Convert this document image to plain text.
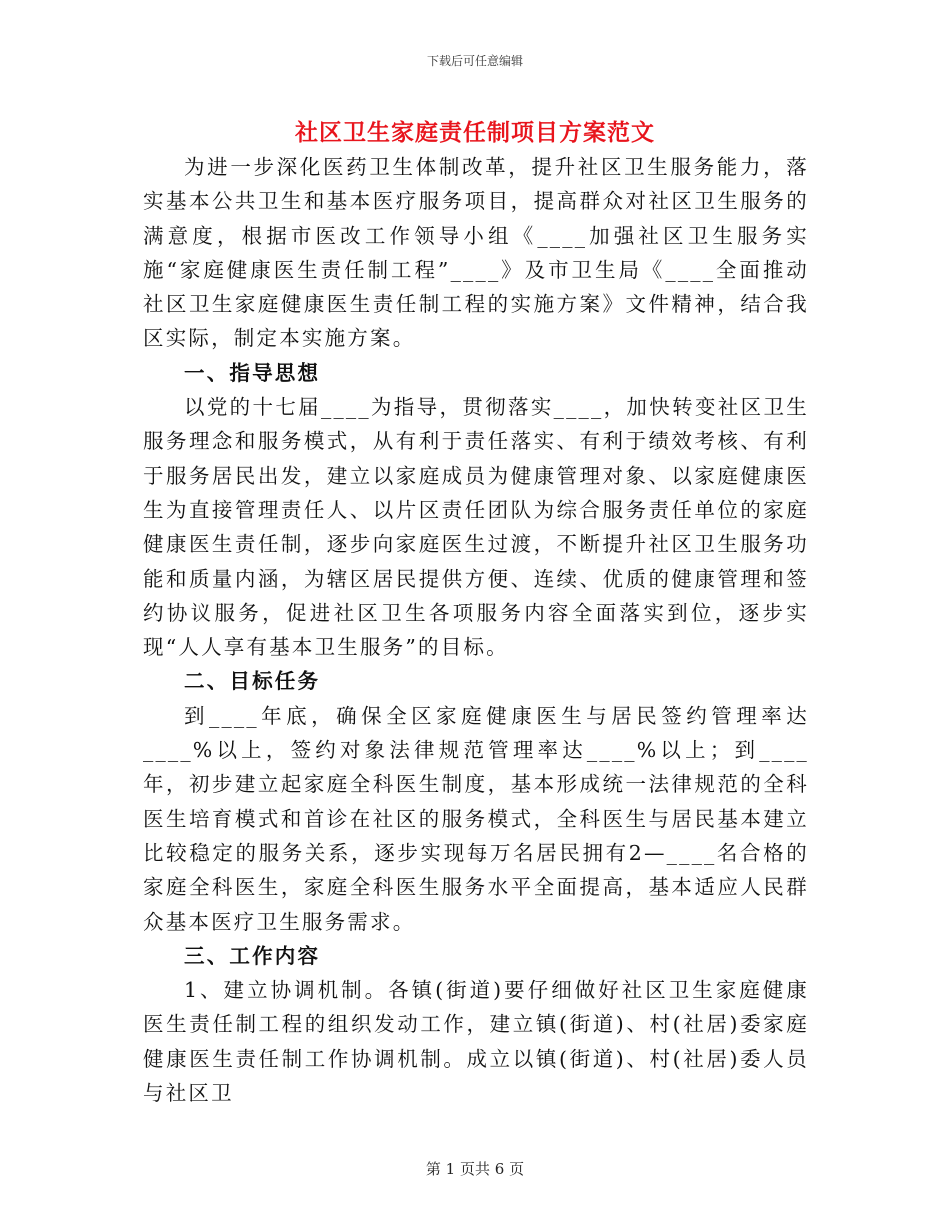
下载后可任意编辑
社区卫生家庭责任制项目方案范文

为进一步深化医药卫生体制改革，提升社区卫生服务能力，落实基本公共卫生和基本医疗服务项目，提高群众对社区卫生服务的满意度，根据市医改工作领导小组《____加强社区卫生服务实施“家庭健康医生责任制工程”____》及市卫生局《____全面推动社区卫生家庭健康医生责任制工程的实施方案》文件精神，结合我区实际，制定本实施方案。

一、指导思想

以党的十七届____为指导，贯彻落实____，加快转变社区卫生服务理念和服务模式，从有利于责任落实、有利于绩效考核、有利于服务居民出发，建立以家庭成员为健康管理对象、以家庭健康医生为直接管理责任人、以片区责任团队为综合服务责任单位的家庭健康医生责任制，逐步向家庭医生过渡，不断提升社区卫生服务功能和质量内涵，为辖区居民提供方便、连续、优质的健康管理和签约协议服务，促进社区卫生各项服务内容全面落实到位，逐步实现“人人享有基本卫生服务”的目标。

二、目标任务

到____年底，确保全区家庭健康医生与居民签约管理率达____%以上，签约对象法律规范管理率达____%以上；到____年，初步建立起家庭全科医生制度，基本形成统一法律规范的全科医生培育模式和首诊在社区的服务模式，全科医生与居民基本建立比较稳定的服务关系，逐步实现每万名居民拥有2—____名合格的家庭全科医生，家庭全科医生服务水平全面提高，基本适应人民群众基本医疗卫生服务需求。

三、工作内容

1、建立协调机制。各镇(街道)要仔细做好社区卫生家庭健康医生责任制工程的组织发动工作，建立镇(街道)、村(社居)委家庭健康医生责任制工作协调机制。成立以镇(街道)、村(社居)委人员与社区卫

第 1 页共 6 页
